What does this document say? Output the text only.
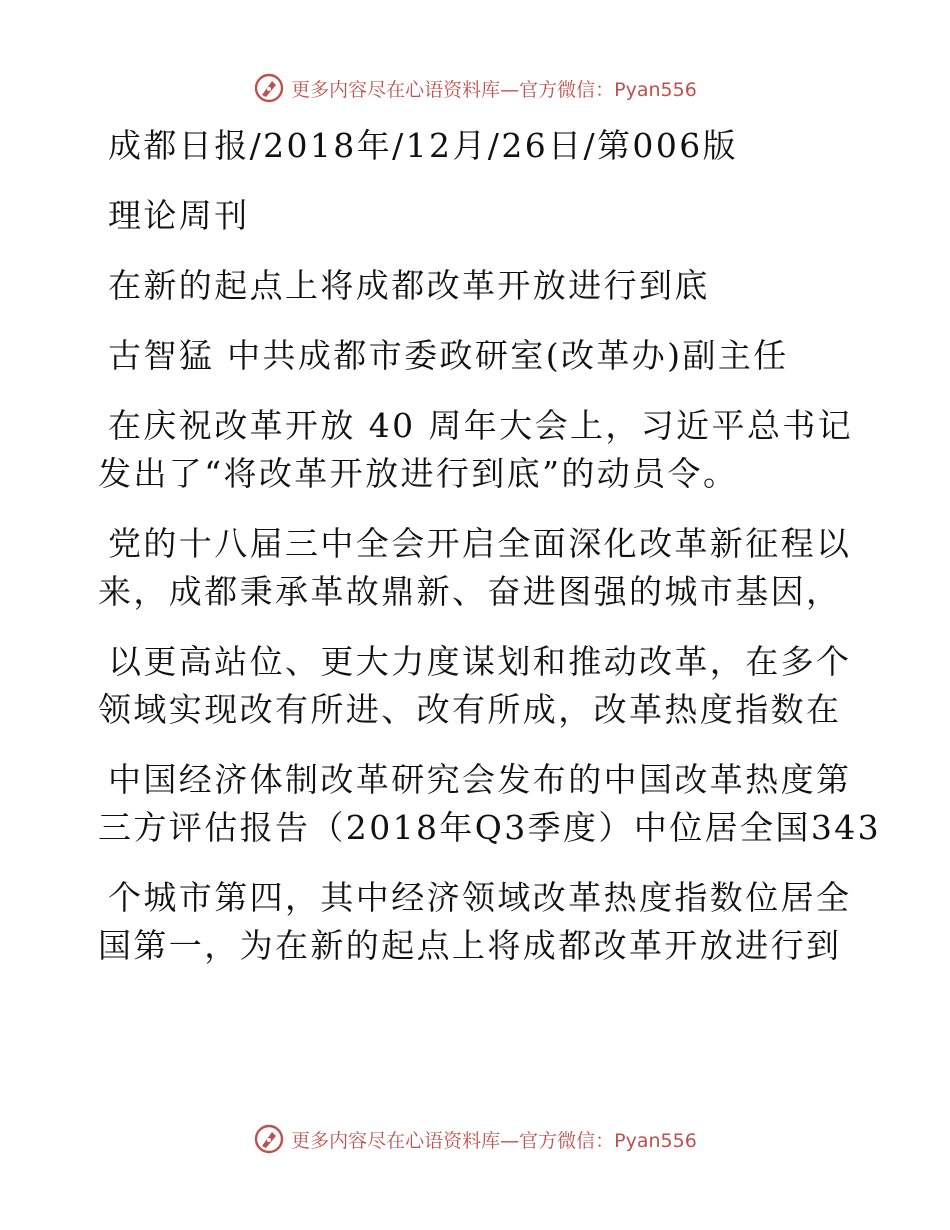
更多内容尽在心语资料库—官方微信：Pyan556
成都日报/2018年/12月/26日/第006版
理论周刊
在新的起点上将成都改革开放进行到底
古智猛 中共成都市委政研室(改革办)副主任
在庆祝改革开放 40 周年大会上，习近平总书记
发出了“将改革开放进行到底”的动员令。
党的十八届三中全会开启全面深化改革新征程以
来，成都秉承革故鼎新、奋进图强的城市基因，
以更高站位、更大力度谋划和推动改革，在多个
领域实现改有所进、改有所成，改革热度指数在
中国经济体制改革研究会发布的中国改革热度第
三方评估报告（2018年Q3季度）中位居全国343
个城市第四，其中经济领域改革热度指数位居全
国第一，为在新的起点上将成都改革开放进行到
更多内容尽在心语资料库—官方微信：Pyan556
